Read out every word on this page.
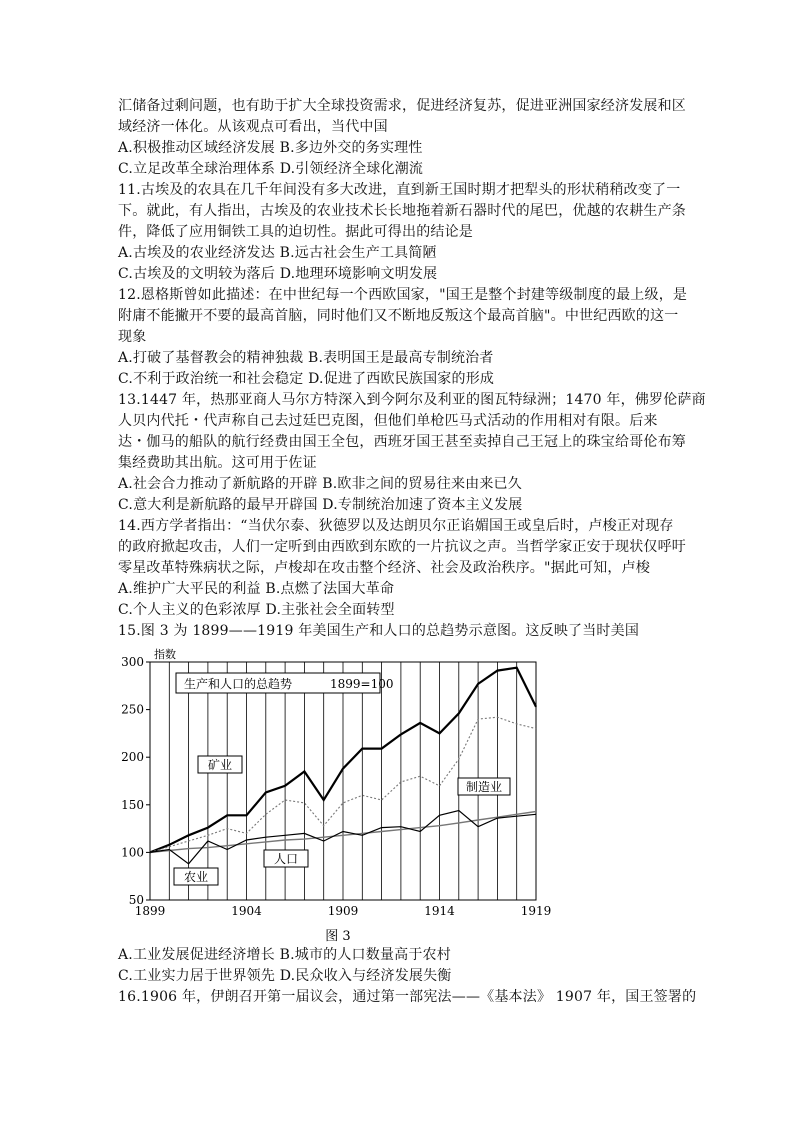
汇储备过剩问题，也有助于扩大全球投资需求，促进经济复苏，促进亚洲国家经济发展和区
域经济一体化。从该观点可看出，当代中国
A.积极推动区域经济发展 B.多边外交的务实理性
C.立足改革全球治理体系 D.引领经济全球化潮流
11.古埃及的农具在几千年间没有多大改进，直到新王国时期才把犁头的形状稍稍改变了一
下。就此，有人指出，古埃及的农业技术长长地拖着新石器时代的尾巴，优越的农耕生产条
件，降低了应用铜铁工具的迫切性。据此可得出的结论是
A.古埃及的农业经济发达 B.远古社会生产工具简陋
C.古埃及的文明较为落后 D.地理环境影响文明发展
12.恩格斯曾如此描述：在中世纪每一个西欧国家，"国王是整个封建等级制度的最上级，是
附庸不能撇开不要的最高首脑，同时他们又不断地反叛这个最高首脑"。中世纪西欧的这一
现象
A.打破了基督教会的精神独裁 B.表明国王是最高专制统治者
C.不利于政治统一和社会稳定 D.促进了西欧民族国家的形成
13.1447 年，热那亚商人马尔方特深入到今阿尔及利亚的图瓦特绿洲；1470 年，佛罗伦萨商
人贝内代托・代声称自己去过廷巴克图，但他们单枪匹马式活动的作用相对有限。后来
达・伽马的船队的航行经费由国王全包，西班牙国王甚至卖掉自己王冠上的珠宝给哥伦布筹
集经费助其出航。这可用于佐证
A.社会合力推动了新航路的开辟 B.欧非之间的贸易往来由来已久
C.意大利是新航路的最早开辟国 D.专制统治加速了资本主义发展
14.西方学者指出：“当伏尔泰、狄德罗以及达朗贝尔正谄媚国王或皇后时，卢梭正对现存
的政府掀起攻击，人们一定听到由西欧到东欧的一片抗议之声。当哲学家正安于现状仅呼吁
零星改革特殊病状之际，卢梭却在攻击整个经济、社会及政治秩序。"据此可知，卢梭
A.维护广大平民的利益 B.点燃了法国大革命
C.个人主义的色彩浓厚 D.主张社会全面转型
15.图 3 为 1899——1919 年美国生产和人口的总趋势示意图。这反映了当时美国
50
100
150
200
250
300
1899	1904	1909	1914	1919
指数
生产和人口的总趋势	1899=100
矿业
制造业
人口
农业
图 3
A.工业发展促进经济增长 B.城市的人口数量高于农村
C.工业实力居于世界领先 D.民众收入与经济发展失衡
16.1906 年，伊朗召开第一届议会，通过第一部宪法——《基本法》 1907 年，国王签署的
